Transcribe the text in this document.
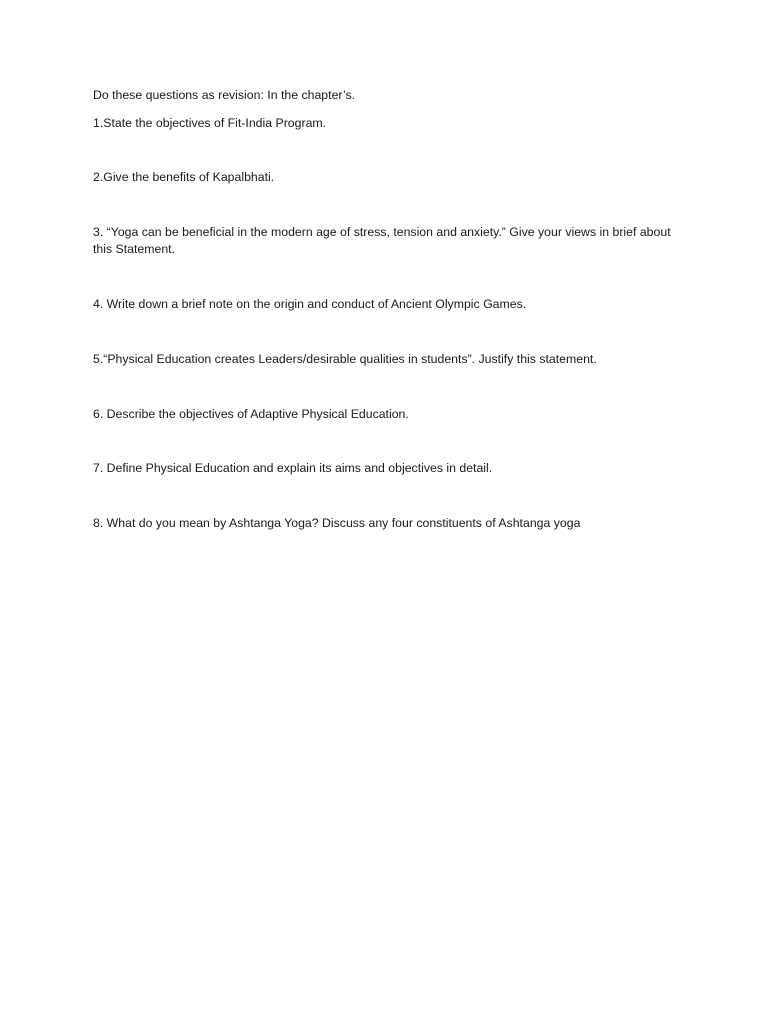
Do these questions as revision: In the chapter’s.

1.State the objectives of Fit-India Program.

2.Give the benefits of Kapalbhati.

3. “Yoga can be beneficial in the modern age of stress, tension and anxiety.” Give your views in brief about this Statement.

4. Write down a brief note on the origin and conduct of Ancient Olympic Games.

5.“Physical Education creates Leaders/desirable qualities in students”. Justify this statement.

6. Describe the objectives of Adaptive Physical Education.

7. Define Physical Education and explain its aims and objectives in detail.

8. What do you mean by Ashtanga Yoga? Discuss any four constituents of Ashtanga yoga
